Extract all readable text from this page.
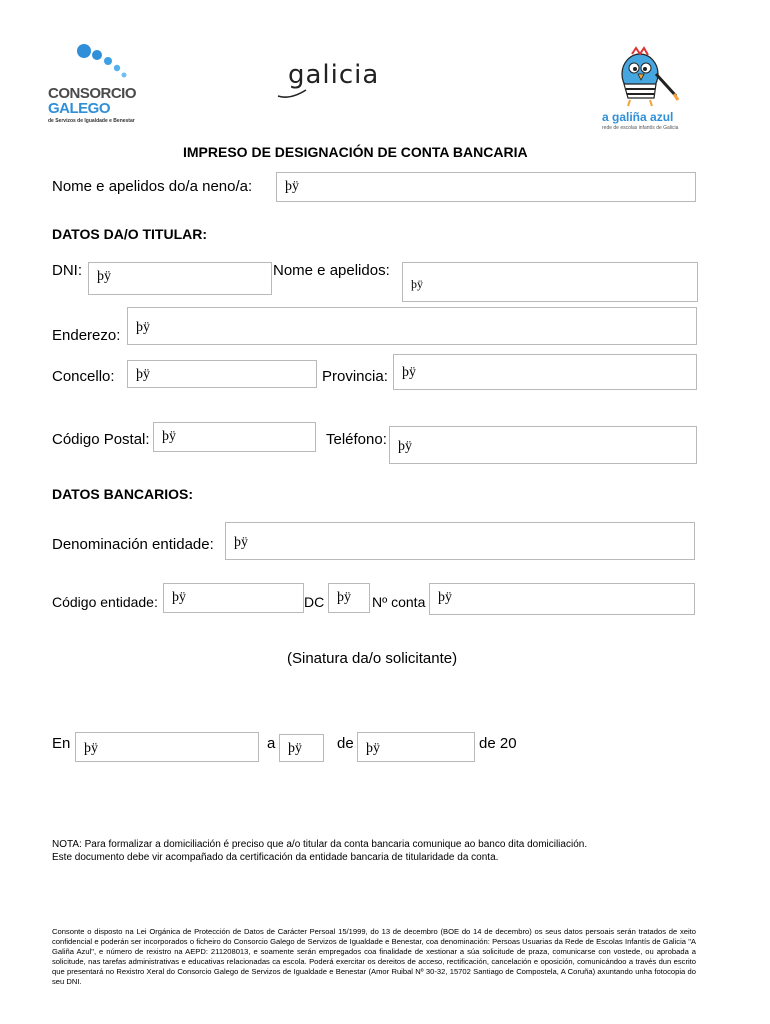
CONSORCIO
GALEGO
de Servizos de Igualdade e Benestar
galicia
a galiña azul
rede de escolas infantís de Galicia
IMPRESO DE DESIGNACIÓN DE CONTA BANCARIA
Nome e apelidos do/a neno/a: þÿ
DATOS DA/O TITULAR:
DNI: þÿ	Nome e apelidos:
þÿ
Enderezo: þÿ
Concello: þÿ	Provincia: þÿ
Código Postal: þÿ	Teléfono: þÿ
DATOS BANCARIOS:
Denominación entidade: þÿ
Código entidade: þÿ	DC þÿ Nº conta þÿ
(Sinatura da/o solicitante)
En þÿ	a þÿ de þÿ	de 20
NOTA: Para formalizar a domiciliación é preciso que a/o titular da conta bancaria comunique ao banco dita domiciliación.
Este documento debe vir acompañado da certificación da entidade bancaria de titularidade da conta.
Consonte o disposto na Lei Orgánica de Protección de Datos de Carácter Persoal 15/1999, do 13 de decembro (BOE do 14 de decembro) os seus datos persoais serán tratados de xeito confidencial e poderán ser incorporados o ficheiro do Consorcio Galego de Servizos de Igualdade e Benestar, coa denominación: Persoas Usuarias da Rede de Escolas Infantís de Galicia "A Galiña Azul", e número de rexistro na AEPD: 211208013, e soamente serán empregados coa finalidade de xestionar a súa solicitude de praza, comunicarse con vostede, ou aprobada a solicitude, nas tarefas administrativas e educativas relacionadas ca escola. Poderá exercitar os dereitos de acceso, rectificación, cancelación e oposición, comunicándoo a través dun escrito que presentará no Rexistro Xeral do Consorcio Galego de Servizos de Igualdade e Benestar (Amor Ruibal Nº 30-32, 15702 Santiago de Compostela, A Coruña) axuntando unha fotocopia do seu DNI.
